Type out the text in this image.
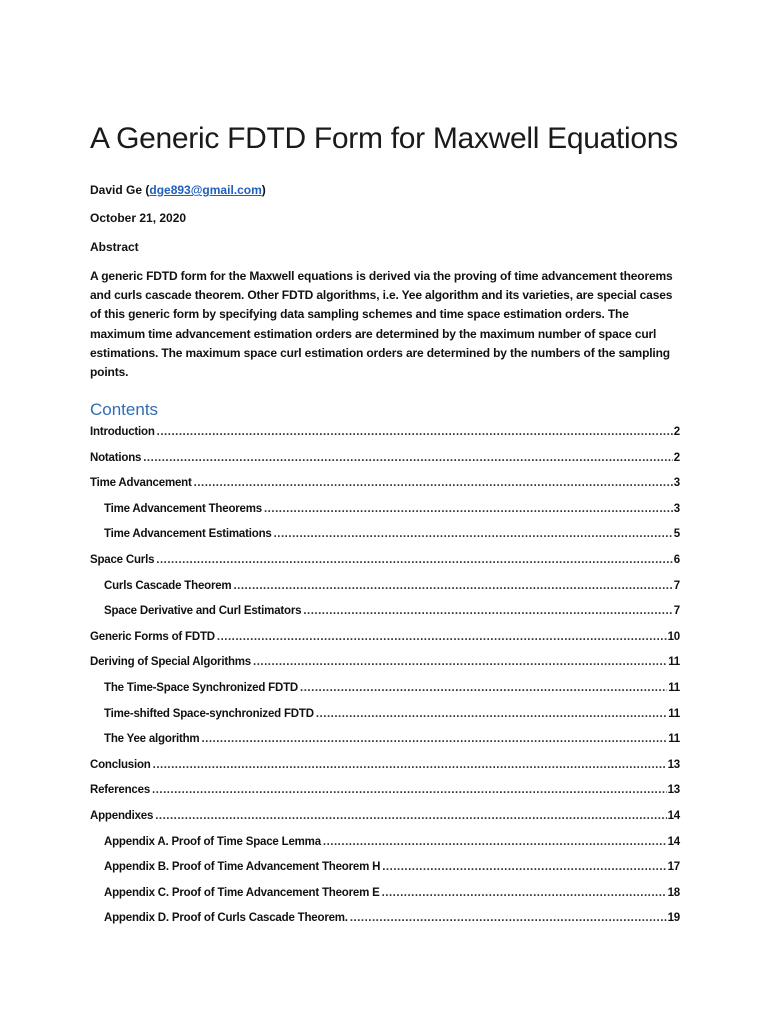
A Generic FDTD Form for Maxwell Equations
David Ge (dge893@gmail.com)
October 21, 2020
Abstract

A generic FDTD form for the Maxwell equations is derived via the proving of time advancement theorems and curls cascade theorem. Other FDTD algorithms, i.e. Yee algorithm and its varieties, are special cases of this generic form by specifying data sampling schemes and time space estimation orders. The maximum time advancement estimation orders are determined by the maximum number of space curl estimations. The maximum space curl estimation orders are determined by the numbers of the sampling points.

Contents
Introduction .....	2
Notations .....	2
Time Advancement .....	3
Time Advancement Theorems .....	3
Time Advancement Estimations .....	5
Space Curls .....	6
Curls Cascade Theorem .....	7
Space Derivative and Curl Estimators .....	7
Generic Forms of FDTD .....	10
Deriving of Special Algorithms .....	11
The Time-Space Synchronized FDTD .....	11
Time-shifted Space-synchronized FDTD .....	11
The Yee algorithm .....	11
Conclusion .....	13
References .....	13
Appendixes .....	14
Appendix A. Proof of Time Space Lemma .....	14
Appendix B. Proof of Time Advancement Theorem H .....	17
Appendix C. Proof of Time Advancement Theorem E .....	18
Appendix D. Proof of Curls Cascade Theorem. .....	19
